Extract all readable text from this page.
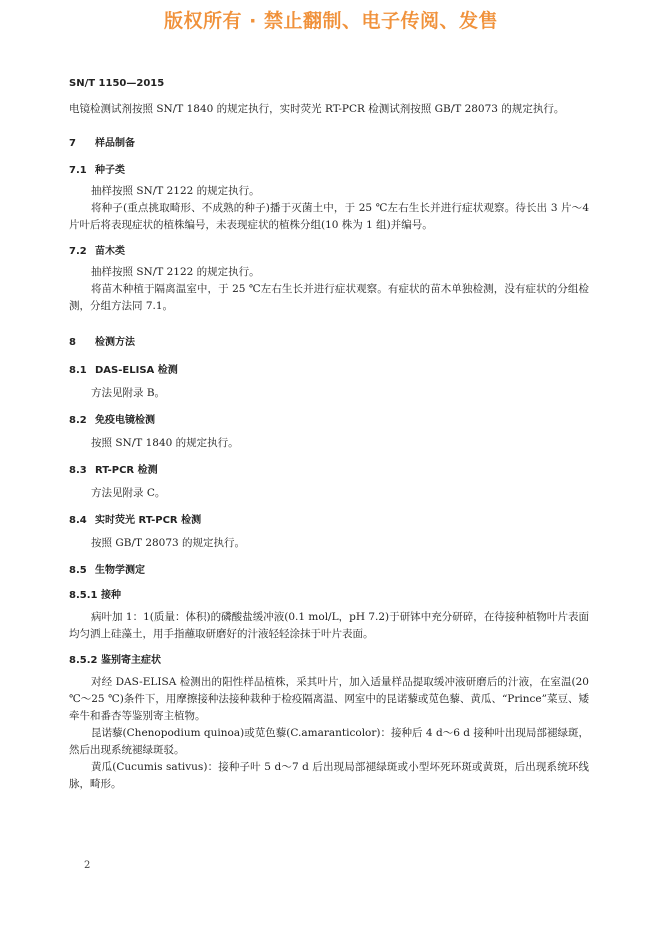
版权所有 · 禁止翻制、电子传阅、发售
SN/T 1150—2015

电镜检测试剂按照 SN/T 1840 的规定执行，实时荧光 RT-PCR 检测试剂按照 GB/T 28073 的规定执行。

7 样品制备

7.1 种子类

抽样按照 SN/T 2122 的规定执行。

将种子(重点挑取畸形、不成熟的种子)播于灭菌土中，于 25 ℃左右生长并进行症状观察。待长出 3 片～4 片叶后将表现症状的植株编号，未表现症状的植株分组(10 株为 1 组)并编号。

7.2 苗木类

抽样按照 SN/T 2122 的规定执行。

将苗木种植于隔离温室中，于 25 ℃左右生长并进行症状观察。有症状的苗木单独检测，没有症状的分组检测，分组方法同 7.1。

8 检测方法

8.1 DAS-ELISA 检测

方法见附录 B。

8.2 免疫电镜检测

按照 SN/T 1840 的规定执行。

8.3 RT-PCR 检测

方法见附录 C。

8.4 实时荧光 RT-PCR 检测

按照 GB/T 28073 的规定执行。

8.5 生物学测定

8.5.1 接种

病叶加 1：1(质量：体积)的磷酸盐缓冲液(0.1 mol/L，pH 7.2)于研钵中充分研碎，在待接种植物叶片表面均匀洒上硅藻土，用手指蘸取研磨好的汁液轻轻涂抹于叶片表面。

8.5.2 鉴别寄主症状

对经 DAS-ELISA 检测出的阳性样品植株，采其叶片，加入适量样品提取缓冲液研磨后的汁液，在室温(20 ℃～25 ℃)条件下，用摩擦接种法接种栽种于检疫隔离温、网室中的昆诺藜或苋色藜、黄瓜、“Prince”菜豆、矮牵牛和番杏等鉴别寄主植物。

昆诺藜(Chenopodium quinoa)或苋色藜(C.amaranticolor)：接种后 4 d～6 d 接种叶出现局部褪绿斑，然后出现系统褪绿斑驳。

黄瓜(Cucumis sativus)：接种子叶 5 d～7 d 后出现局部褪绿斑或小型坏死环斑或黄斑，后出现系统环线脉，畸形。

2
